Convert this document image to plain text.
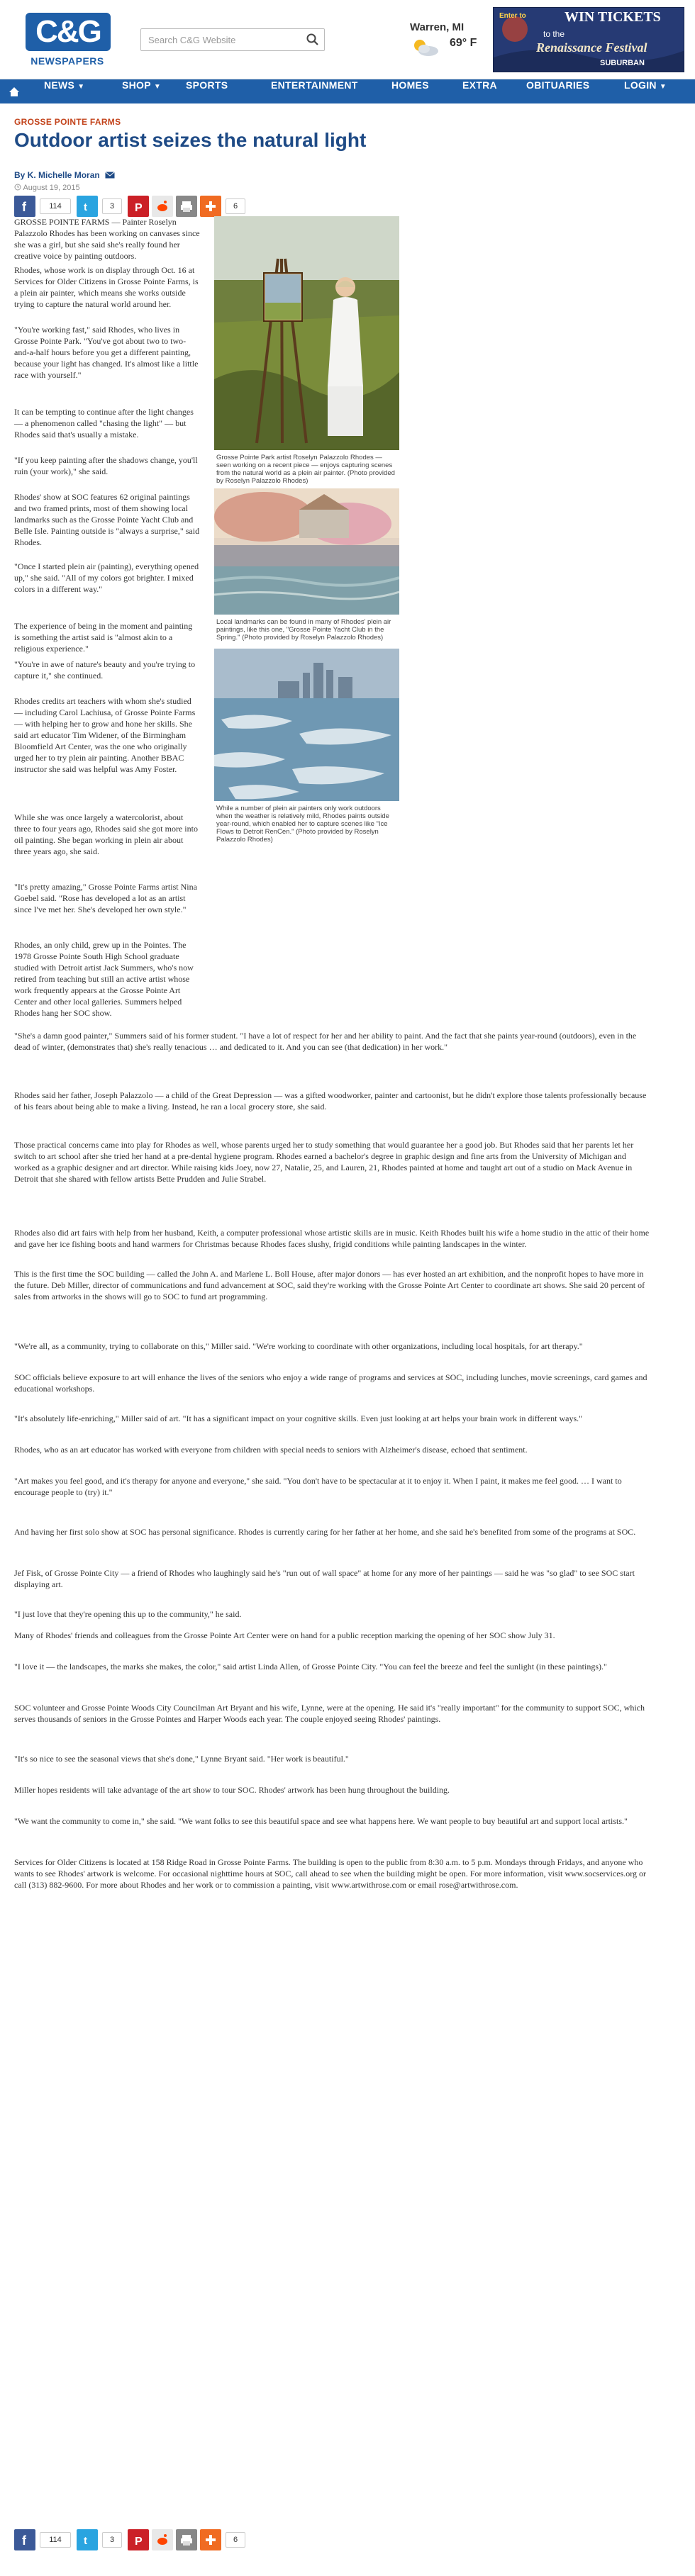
C&G
NEWSPAPERS
Search C&G Website
Warren, MI
69° F
Enter to	WIN TICKETS
to the
Renaissance Festival
SUBURBAN
NEWS ▼	SHOP ▼ SPORTS	ENTERTAINMENT	HOMES	EXTRA	OBITUARIES	LOGIN ▼
GROSSE POINTE FARMS
Outdoor artist seizes the natural light
By K. Michelle Moran
August 19, 2015
f	114	t	3	P	6

GROSSE POINTE FARMS — Painter Roselyn Palazzolo Rhodes has been working on canvases since she was a girl, but she said she's really found her creative voice by painting outdoors.

Rhodes, whose work is on display through Oct. 16 at Services for Older Citizens in Grosse Pointe Farms, is a plein air painter, which means she works outside trying to capture the natural world around her.

"You're working fast," said Rhodes, who lives in Grosse Pointe Park. "You've got about two to two-and-a-half hours before you get a different painting, because your light has changed. It's almost like a little race with yourself."

It can be tempting to continue after the light changes — a phenomenon called "chasing the light" — but Rhodes said that's usually a mistake.

"If you keep painting after the shadows change, you'll ruin (your work)," she said.

Rhodes' show at SOC features 62 original paintings and two framed prints, most of them showing local landmarks such as the Grosse Pointe Yacht Club and Belle Isle. Painting outside is "always a surprise," said Rhodes.

"Once I started plein air (painting), everything opened up," she said. "All of my colors got brighter. I mixed colors in a different way."

The experience of being in the moment and painting is something the artist said is "almost akin to a religious experience."

"You're in awe of nature's beauty and you're trying to capture it," she continued.

Rhodes credits art teachers with whom she's studied — including Carol Lachiusa, of Grosse Pointe Farms — with helping her to grow and hone her skills. She said art educator Tim Widener, of the Birmingham Bloomfield Art Center, was the one who originally urged her to try plein air painting. Another BBAC instructor she said was helpful was Amy Foster.

While she was once largely a watercolorist, about three to four years ago, Rhodes said she got more into oil painting. She began working in plein air about three years ago, she said.

"It's pretty amazing," Grosse Pointe Farms artist Nina Goebel said. "Rose has developed a lot as an artist since I've met her. She's developed her own style."

Rhodes, an only child, grew up in the Pointes. The 1978 Grosse Pointe South High School graduate studied with Detroit artist Jack Summers, who's now retired from teaching but still an active artist whose work frequently appears at the Grosse Pointe Art Center and other local galleries. Summers helped Rhodes hang her SOC show.

"She's a damn good painter," Summers said of his former student. "I have a lot of respect for her and her ability to paint. And the fact that she paints year-round (outdoors), even in the dead of winter, (demonstrates that) she's really tenacious … and dedicated to it. And you can see (that dedication) in her work."

Rhodes said her father, Joseph Palazzolo — a child of the Great Depression — was a gifted woodworker, painter and cartoonist, but he didn't explore those talents professionally because of his fears about being able to make a living. Instead, he ran a local grocery store, she said.

Those practical concerns came into play for Rhodes as well, whose parents urged her to study something that would guarantee her a good job. But Rhodes said that her parents let her switch to art school after she tried her hand at a pre-dental hygiene program. Rhodes earned a bachelor's degree in graphic design and fine arts from the University of Michigan and worked as a graphic designer and art director. While raising kids Joey, now 27, Natalie, 25, and Lauren, 21, Rhodes painted at home and taught art out of a studio on Mack Avenue in Detroit that she shared with fellow artists Bette Prudden and Julie Strabel.

Rhodes also did art fairs with help from her husband, Keith, a computer professional whose artistic skills are in music. Keith Rhodes built his wife a home studio in the attic of their home and gave her ice fishing boots and hand warmers for Christmas because Rhodes faces slushy, frigid conditions while painting landscapes in the winter.

This is the first time the SOC building — called the John A. and Marlene L. Boll House, after major donors — has ever hosted an art exhibition, and the nonprofit hopes to have more in the future. Deb Miller, director of communications and fund advancement at SOC, said they're working with the Grosse Pointe Art Center to coordinate art shows. She said 20 percent of sales from artworks in the shows will go to SOC to fund art programming.

"We're all, as a community, trying to collaborate on this," Miller said. "We're working to coordinate with other organizations, including local hospitals, for art therapy."

SOC officials believe exposure to art will enhance the lives of the seniors who enjoy a wide range of programs and services at SOC, including lunches, movie screenings, card games and educational workshops.

"It's absolutely life-enriching," Miller said of art. "It has a significant impact on your cognitive skills. Even just looking at art helps your brain work in different ways."

Rhodes, who as an art educator has worked with everyone from children with special needs to seniors with Alzheimer's disease, echoed that sentiment.

"Art makes you feel good, and it's therapy for anyone and everyone," she said. "You don't have to be spectacular at it to enjoy it. When I paint, it makes me feel good. … I want to encourage people to (try) it."

And having her first solo show at SOC has personal significance. Rhodes is currently caring for her father at her home, and she said he's benefited from some of the programs at SOC.

Jef Fisk, of Grosse Pointe City — a friend of Rhodes who laughingly said he's "run out of wall space" at home for any more of her paintings — said he was "so glad" to see SOC start displaying art.

"I just love that they're opening this up to the community," he said.

Many of Rhodes' friends and colleagues from the Grosse Pointe Art Center were on hand for a public reception marking the opening of her SOC show July 31.

"I love it — the landscapes, the marks she makes, the color," said artist Linda Allen, of Grosse Pointe City. "You can feel the breeze and feel the sunlight (in these paintings)."

SOC volunteer and Grosse Pointe Woods City Councilman Art Bryant and his wife, Lynne, were at the opening. He said it's "really important" for the community to support SOC, which serves thousands of seniors in the Grosse Pointes and Harper Woods each year. The couple enjoyed seeing Rhodes' paintings.

"It's so nice to see the seasonal views that she's done," Lynne Bryant said. "Her work is beautiful."

Miller hopes residents will take advantage of the art show to tour SOC. Rhodes' artwork has been hung throughout the building.

"We want the community to come in," she said. "We want folks to see this beautiful space and see what happens here. We want people to buy beautiful art and support local artists."

Services for Older Citizens is located at 158 Ridge Road in Grosse Pointe Farms. The building is open to the public from 8:30 a.m. to 5 p.m. Mondays through Fridays, and anyone who wants to see Rhodes' artwork is welcome. For occasional nighttime hours at SOC, call ahead to see when the building might be open. For more information, visit www.soc​services.org or call (313) 882-9600. For more about Rhodes and her work or to commission a painting, visit www.artwithrose.com or email rose@artwithrose.com.

Grosse Pointe Park artist Roselyn Palazzolo Rhodes — seen working on a recent piece — enjoys capturing scenes from the natural world as a plein air painter. (Photo provided by Roselyn Palazzolo Rhodes)
Local landmarks can be found in many of Rhodes' plein air paintings, like this one, "Grosse Pointe Yacht Club in the Spring." (Photo provided by Roselyn Palazzolo Rhodes)
While a number of plein air painters only work outdoors when the weather is relatively mild, Rhodes paints outside year-round, which enabled her to capture scenes like "Ice Flows to Detroit RenCen." (Photo provided by Roselyn Palazzolo Rhodes)
f	114	t	3	P	6
